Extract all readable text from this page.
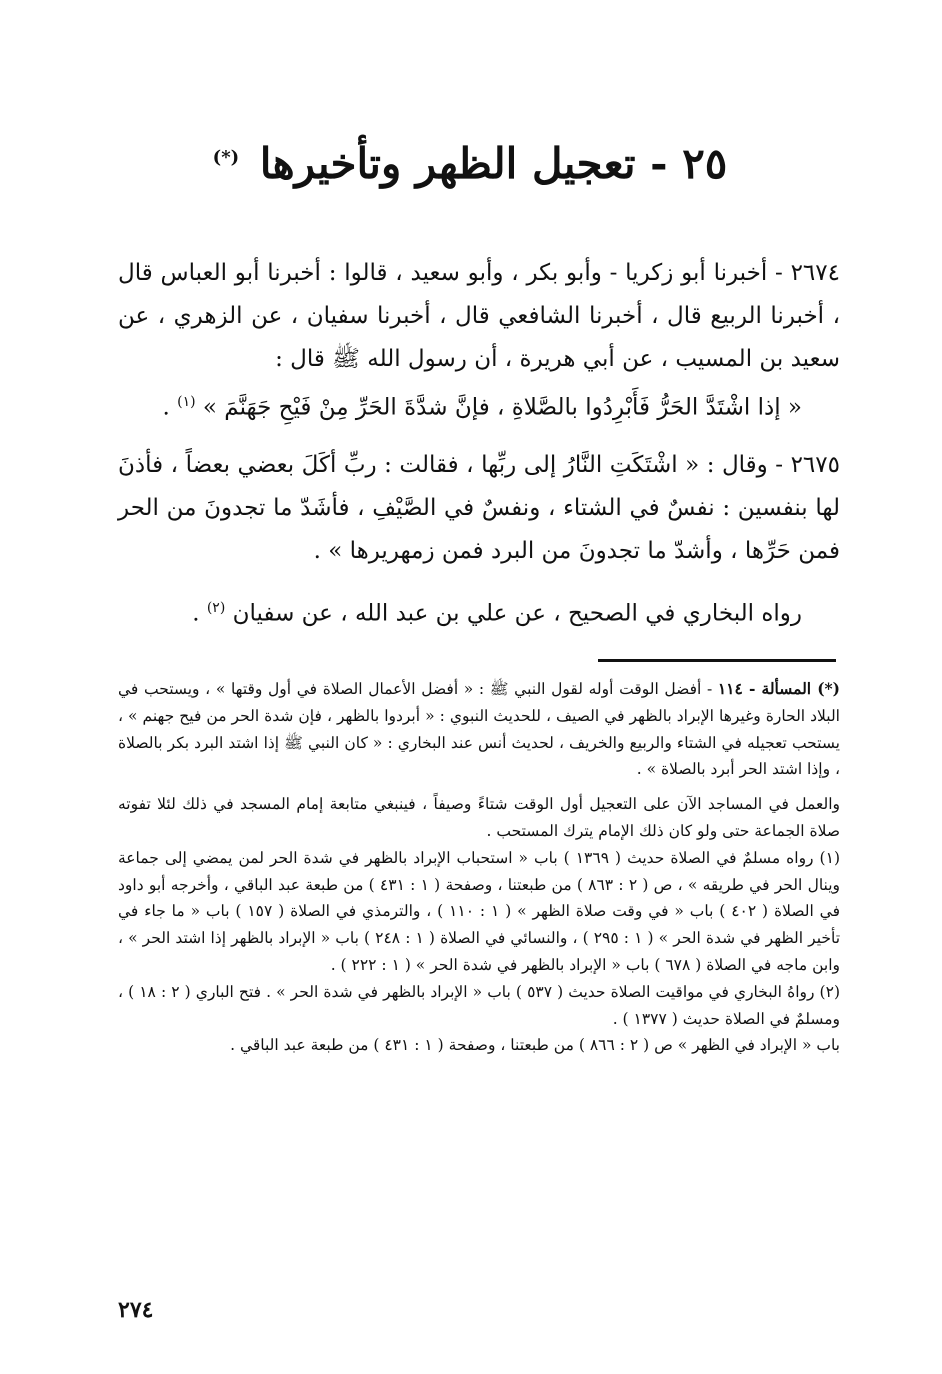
٢٥ - تعجيل الظهر وتأخيرها (*)

٢٦٧٤ - أخبرنا أبو زكريا - وأبو بكر ، وأبو سعيد ، قالوا : أخبرنا أبو العباس قال ، أخبرنا الربيع قال ، أخبرنا الشافعي قال ، أخبرنا سفيان ، عن الزهري ، عن سعيد بن المسيب ، عن أبي هريرة ، أن رسول الله ﷺ قال :

« إذا اشْتَدَّ الحَرُّ فَأَبْرِدُوا بالصَّلاةِ ، فإنَّ شدَّةَ الحَرِّ مِنْ فَيْحِ جَهَنَّمَ » $^{(١)}$ .

٢٦٧٥ - وقال : « اشْتَكَتِ النَّارُ إلى ربِّها ، فقالت : ربِّ أكَلَ بعضي بعضاً ، فأذنَ لها بنفسين : نفسٌ في الشتاء ، ونفسٌ في الصَّيْفِ ، فأشَدّ ما تجدونَ من الحر فمن حَرِّها ، وأشدّ ما تجدونَ من البرد فمن زمهريرها » .

رواه البخاري في الصحيح ، عن علي بن عبد الله ، عن سفيان $^{(٢)}$ .

(*) المسألة - ١١٤ - أفضل الوقت أوله لقول النبي ﷺ : « أفضل الأعمال الصلاة في أول وقتها » ، ويستحب في البلاد الحارة وغيرها الإبراد بالظهر في الصيف ، للحديث النبوي : « أبردوا بالظهر ، فإن شدة الحر من فيح جهنم » ، يستحب تعجيله في الشتاء والربيع والخريف ، لحديث أنس عند البخاري : « كان النبي ﷺ إذا اشتد البرد بكر بالصلاة ، وإذا اشتد الحر أبرد بالصلاة » .

والعمل في المساجد الآن على التعجيل أول الوقت شتاءً وصيفاً ، فينبغي متابعة إمام المسجد في ذلك لئلا تفوته صلاة الجماعة حتى ولو كان ذلك الإمام يترك المستحب .

(١) رواه مسلمٌ في الصلاة حديث ( ١٣٦٩ ) باب « استحباب الإبراد بالظهر في شدة الحر لمن يمضي إلى جماعة وينال الحر في طريقه » ، ص ( ٢ : ٨٦٣ ) من طبعتنا ، وصفحة ( ١ : ٤٣١ ) من طبعة عبد الباقي ، وأخرجه أبو داود في الصلاة ( ٤٠٢ ) باب « في وقت صلاة الظهر » ( ١ : ١١٠ ) ، والترمذي في الصلاة ( ١٥٧ ) باب « ما جاء في تأخير الظهر في شدة الحر » ( ١ : ٢٩٥ ) ، والنسائي في الصلاة ( ١ : ٢٤٨ ) باب « الإبراد بالظهر إذا اشتد الحر » ، وابن ماجه في الصلاة ( ٦٧٨ ) باب « الإبراد بالظهر في شدة الحر » ( ١ : ٢٢٢ ) .

(٢) رواهُ البخاري في مواقيت الصلاة حديث ( ٥٣٧ ) باب « الإبراد بالظهر في شدة الحر » . فتح الباري ( ٢ : ١٨ ) ، ومسلمٌ في الصلاة حديث ( ١٣٧٧ ) .

باب « الإبراد في الظهر » ص ( ٢ : ٨٦٦ ) من طبعتنا ، وصفحة ( ١ : ٤٣١ ) من طبعة عبد الباقي .

٢٧٤
